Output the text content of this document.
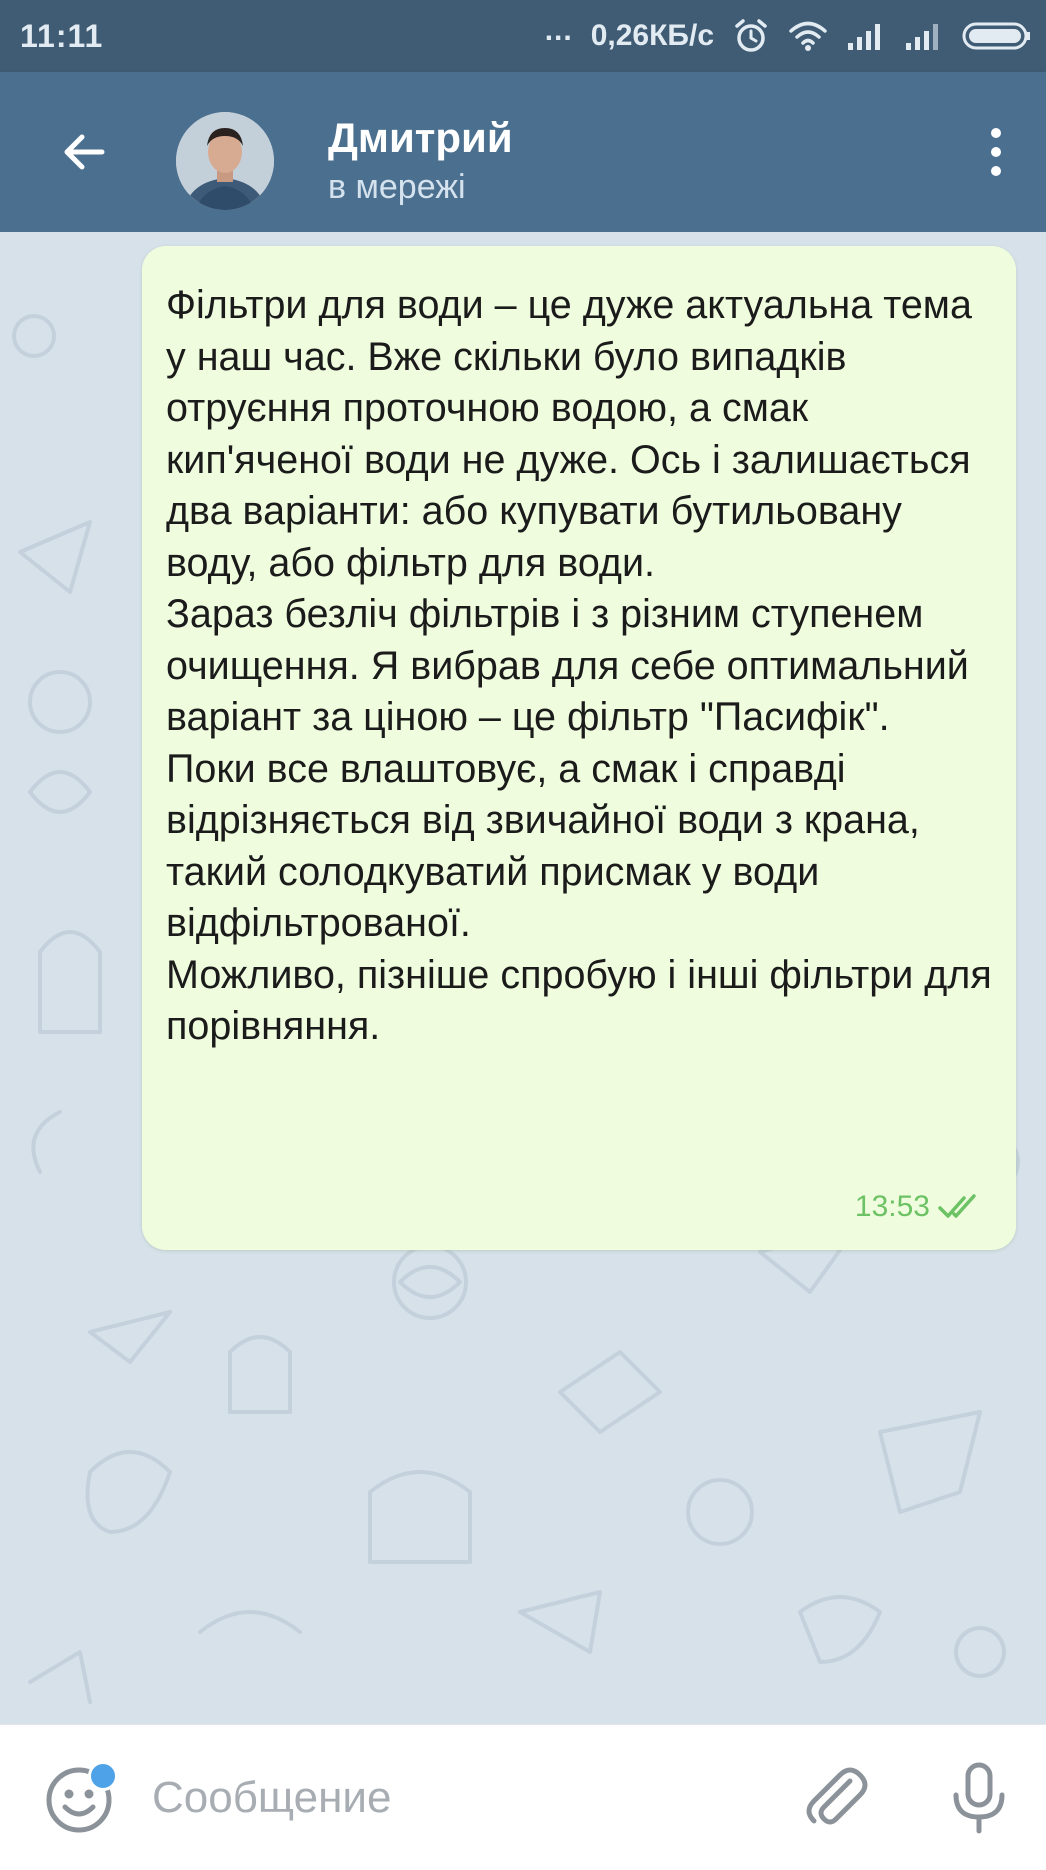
11:11	... 0,26КБ/с
Дмитрий
в мережі
Фільтри для води – це дуже актуальна тема у наш час. Вже скільки було випадків отруєння проточною водою, а смак кип'яченої води не дуже. Ось і залишається два варіанти: або купувати бутильовану воду, або фільтр для води.
Зараз безліч фільтрів і з різним ступенем очищення. Я вибрав для себе оптимальний варіант за ціною – це фільтр "Пасифік".
Поки все влаштовує, а смак і справді відрізняється від звичайної води з крана, такий солодкуватий присмак у води відфільтрованої.
Можливо, пізніше спробую і інші фільтри для порівняння.
13:53
Сообщение
